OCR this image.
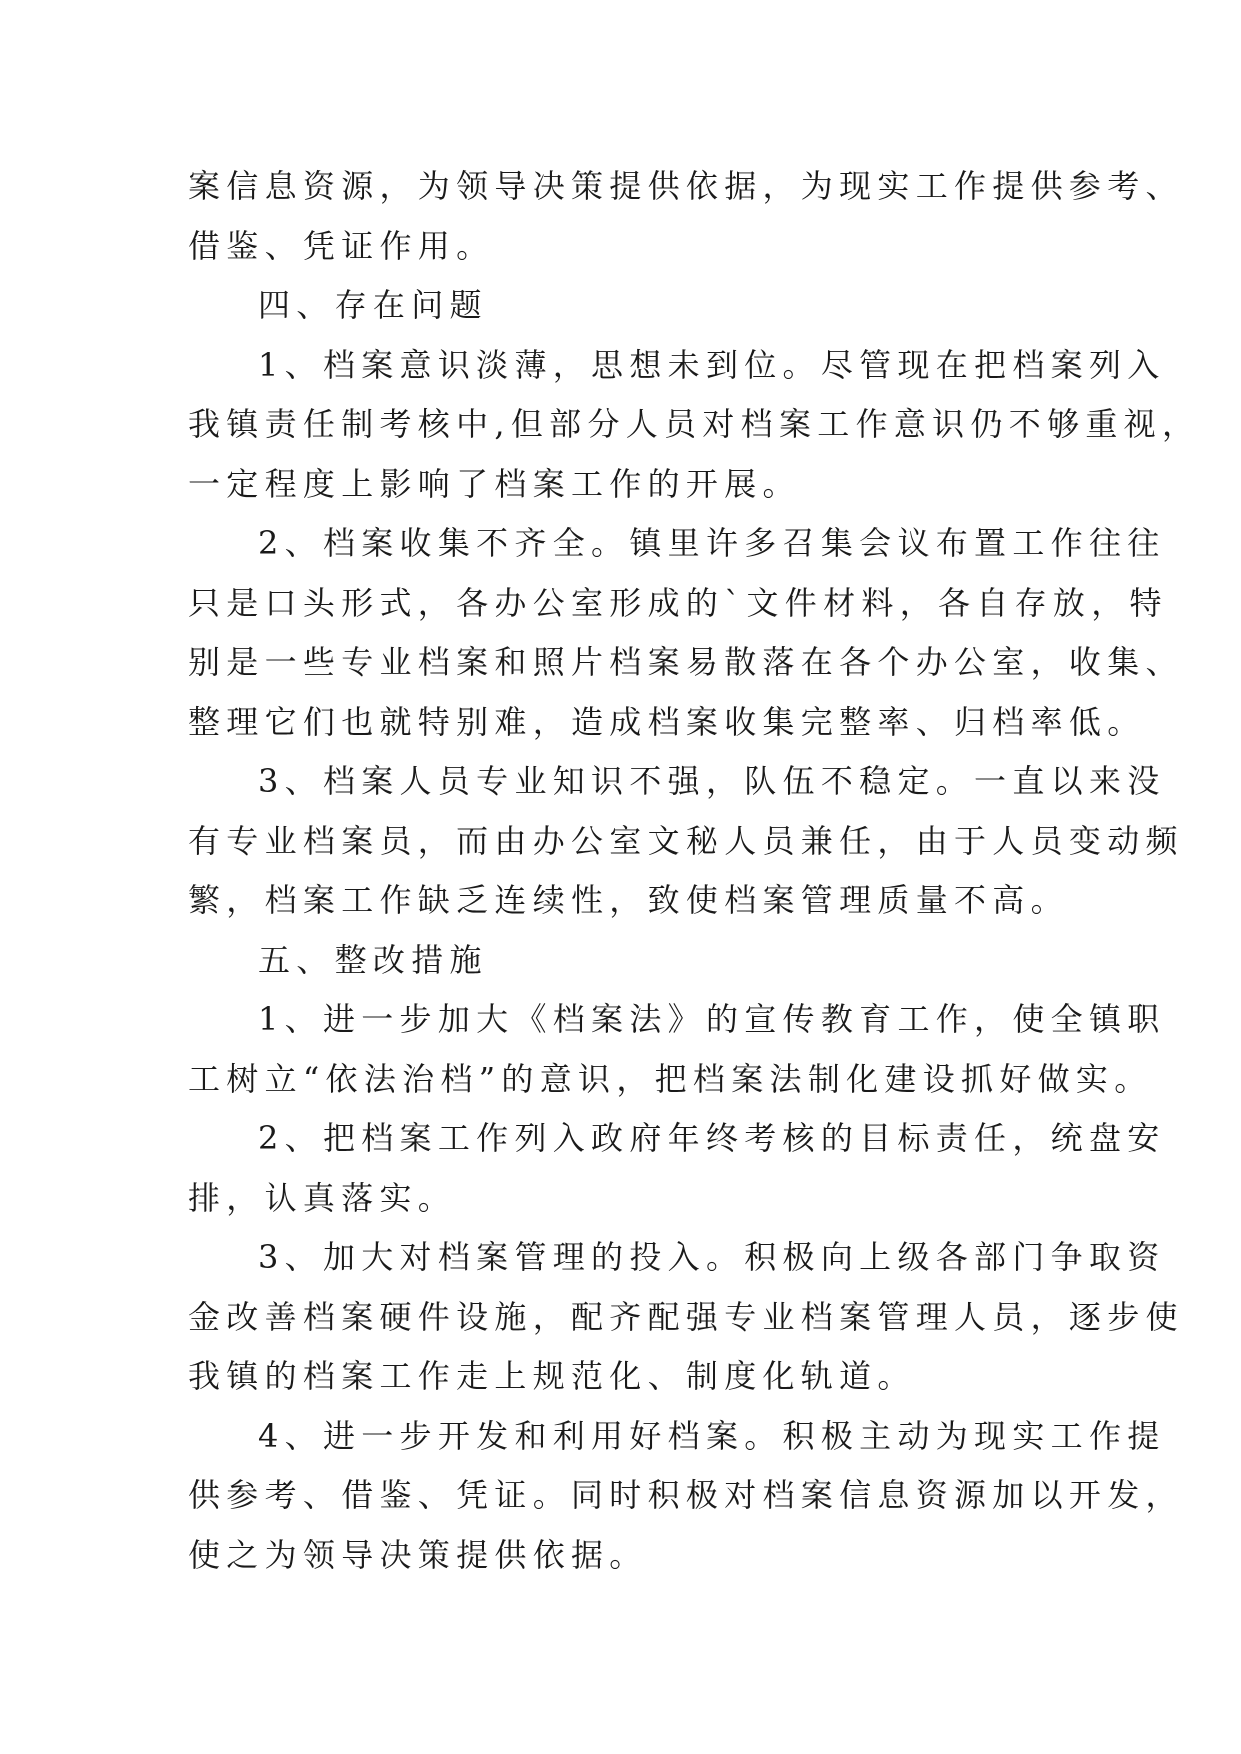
案信息资源，为领导决策提供依据，为现实工作提供参考、
借鉴、凭证作用。
四、存在问题
1、档案意识淡薄，思想未到位。尽管现在把档案列入
我镇责任制考核中,但部分人员对档案工作意识仍不够重视，
一定程度上影响了档案工作的开展。
2、档案收集不齐全。镇里许多召集会议布置工作往往
只是口头形式，各办公室形成的`文件材料，各自存放，特
别是一些专业档案和照片档案易散落在各个办公室，收集、
整理它们也就特别难，造成档案收集完整率、归档率低。
3、档案人员专业知识不强，队伍不稳定。一直以来没
有专业档案员，而由办公室文秘人员兼任，由于人员变动频
繁，档案工作缺乏连续性，致使档案管理质量不高。
五、整改措施
1、进一步加大《档案法》的宣传教育工作，使全镇职
工树立“依法治档”的意识，把档案法制化建设抓好做实。
2、把档案工作列入政府年终考核的目标责任，统盘安
排，认真落实。
3、加大对档案管理的投入。积极向上级各部门争取资
金改善档案硬件设施，配齐配强专业档案管理人员，逐步使
我镇的档案工作走上规范化、制度化轨道。
4、进一步开发和利用好档案。积极主动为现实工作提
供参考、借鉴、凭证。同时积极对档案信息资源加以开发，
使之为领导决策提供依据。
